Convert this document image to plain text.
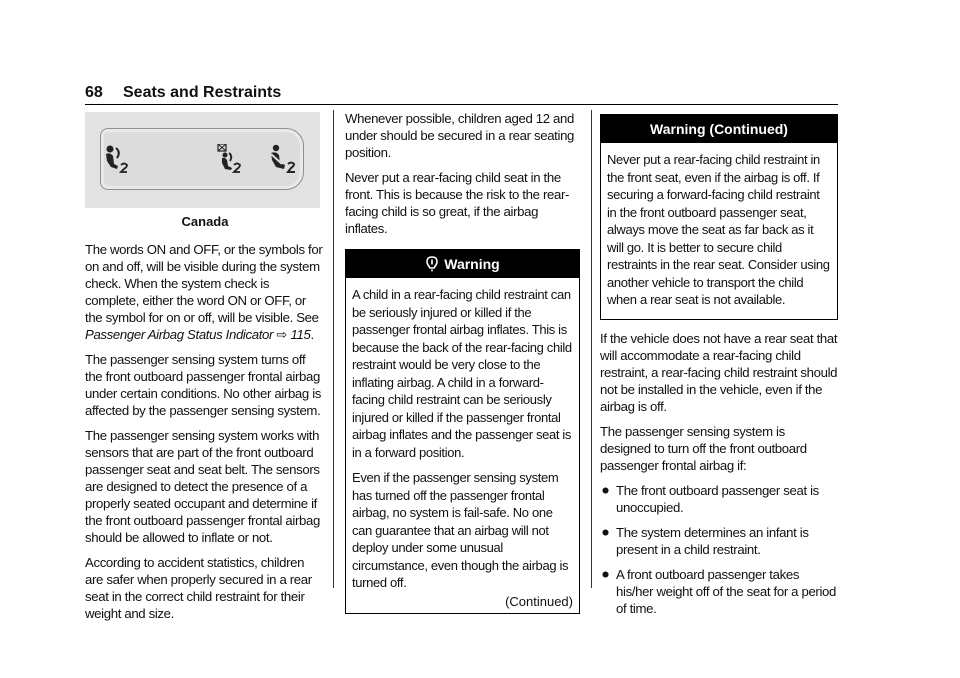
68 Seats and Restraints
Canada

The words ON and OFF, or the symbols for on and off, will be visible during the system check. When the system check is complete, either the word ON or OFF, or the symbol for on or off, will be visible. See Passenger Airbag Status Indicator ⇨ 115.

The passenger sensing system turns off the front outboard passenger frontal airbag under certain conditions. No other airbag is affected by the passenger sensing system.

The passenger sensing system works with sensors that are part of the front outboard passenger seat and seat belt. The sensors are designed to detect the presence of a properly seated occupant and determine if the front outboard passenger frontal airbag should be allowed to inflate or not.

According to accident statistics, children are safer when properly secured in a rear seat in the correct child restraint for their weight and size.

Whenever possible, children aged 12 and under should be secured in a rear seating position.

Never put a rear-facing child seat in the front. This is because the risk to the rear-facing child is so great, if the airbag inflates.

Warning

A child in a rear-facing child restraint can be seriously injured or killed if the passenger frontal airbag inflates. This is because the back of the rear-facing child restraint would be very close to the inflating airbag. A child in a forward-facing child restraint can be seriously injured or killed if the passenger frontal airbag inflates and the passenger seat is in a forward position.

Even if the passenger sensing system has turned off the passenger frontal airbag, no system is fail-safe. No one can guarantee that an airbag will not deploy under some unusual circumstance, even though the airbag is turned off.

(Continued)
Warning (Continued)

Never put a rear-facing child restraint in the front seat, even if the airbag is off. If securing a forward-facing child restraint in the front outboard passenger seat, always move the seat as far back as it will go. It is better to secure child restraints in the rear seat. Consider using another vehicle to transport the child when a rear seat is not available.

If the vehicle does not have a rear seat that will accommodate a rear-facing child restraint, a rear-facing child restraint should not be installed in the vehicle, even if the airbag is off.

The passenger sensing system is designed to turn off the front outboard passenger frontal airbag if:

The front outboard passenger seat is unoccupied.
The system determines an infant is present in a child restraint.
A front outboard passenger takes his/her weight off of the seat for a period of time.
